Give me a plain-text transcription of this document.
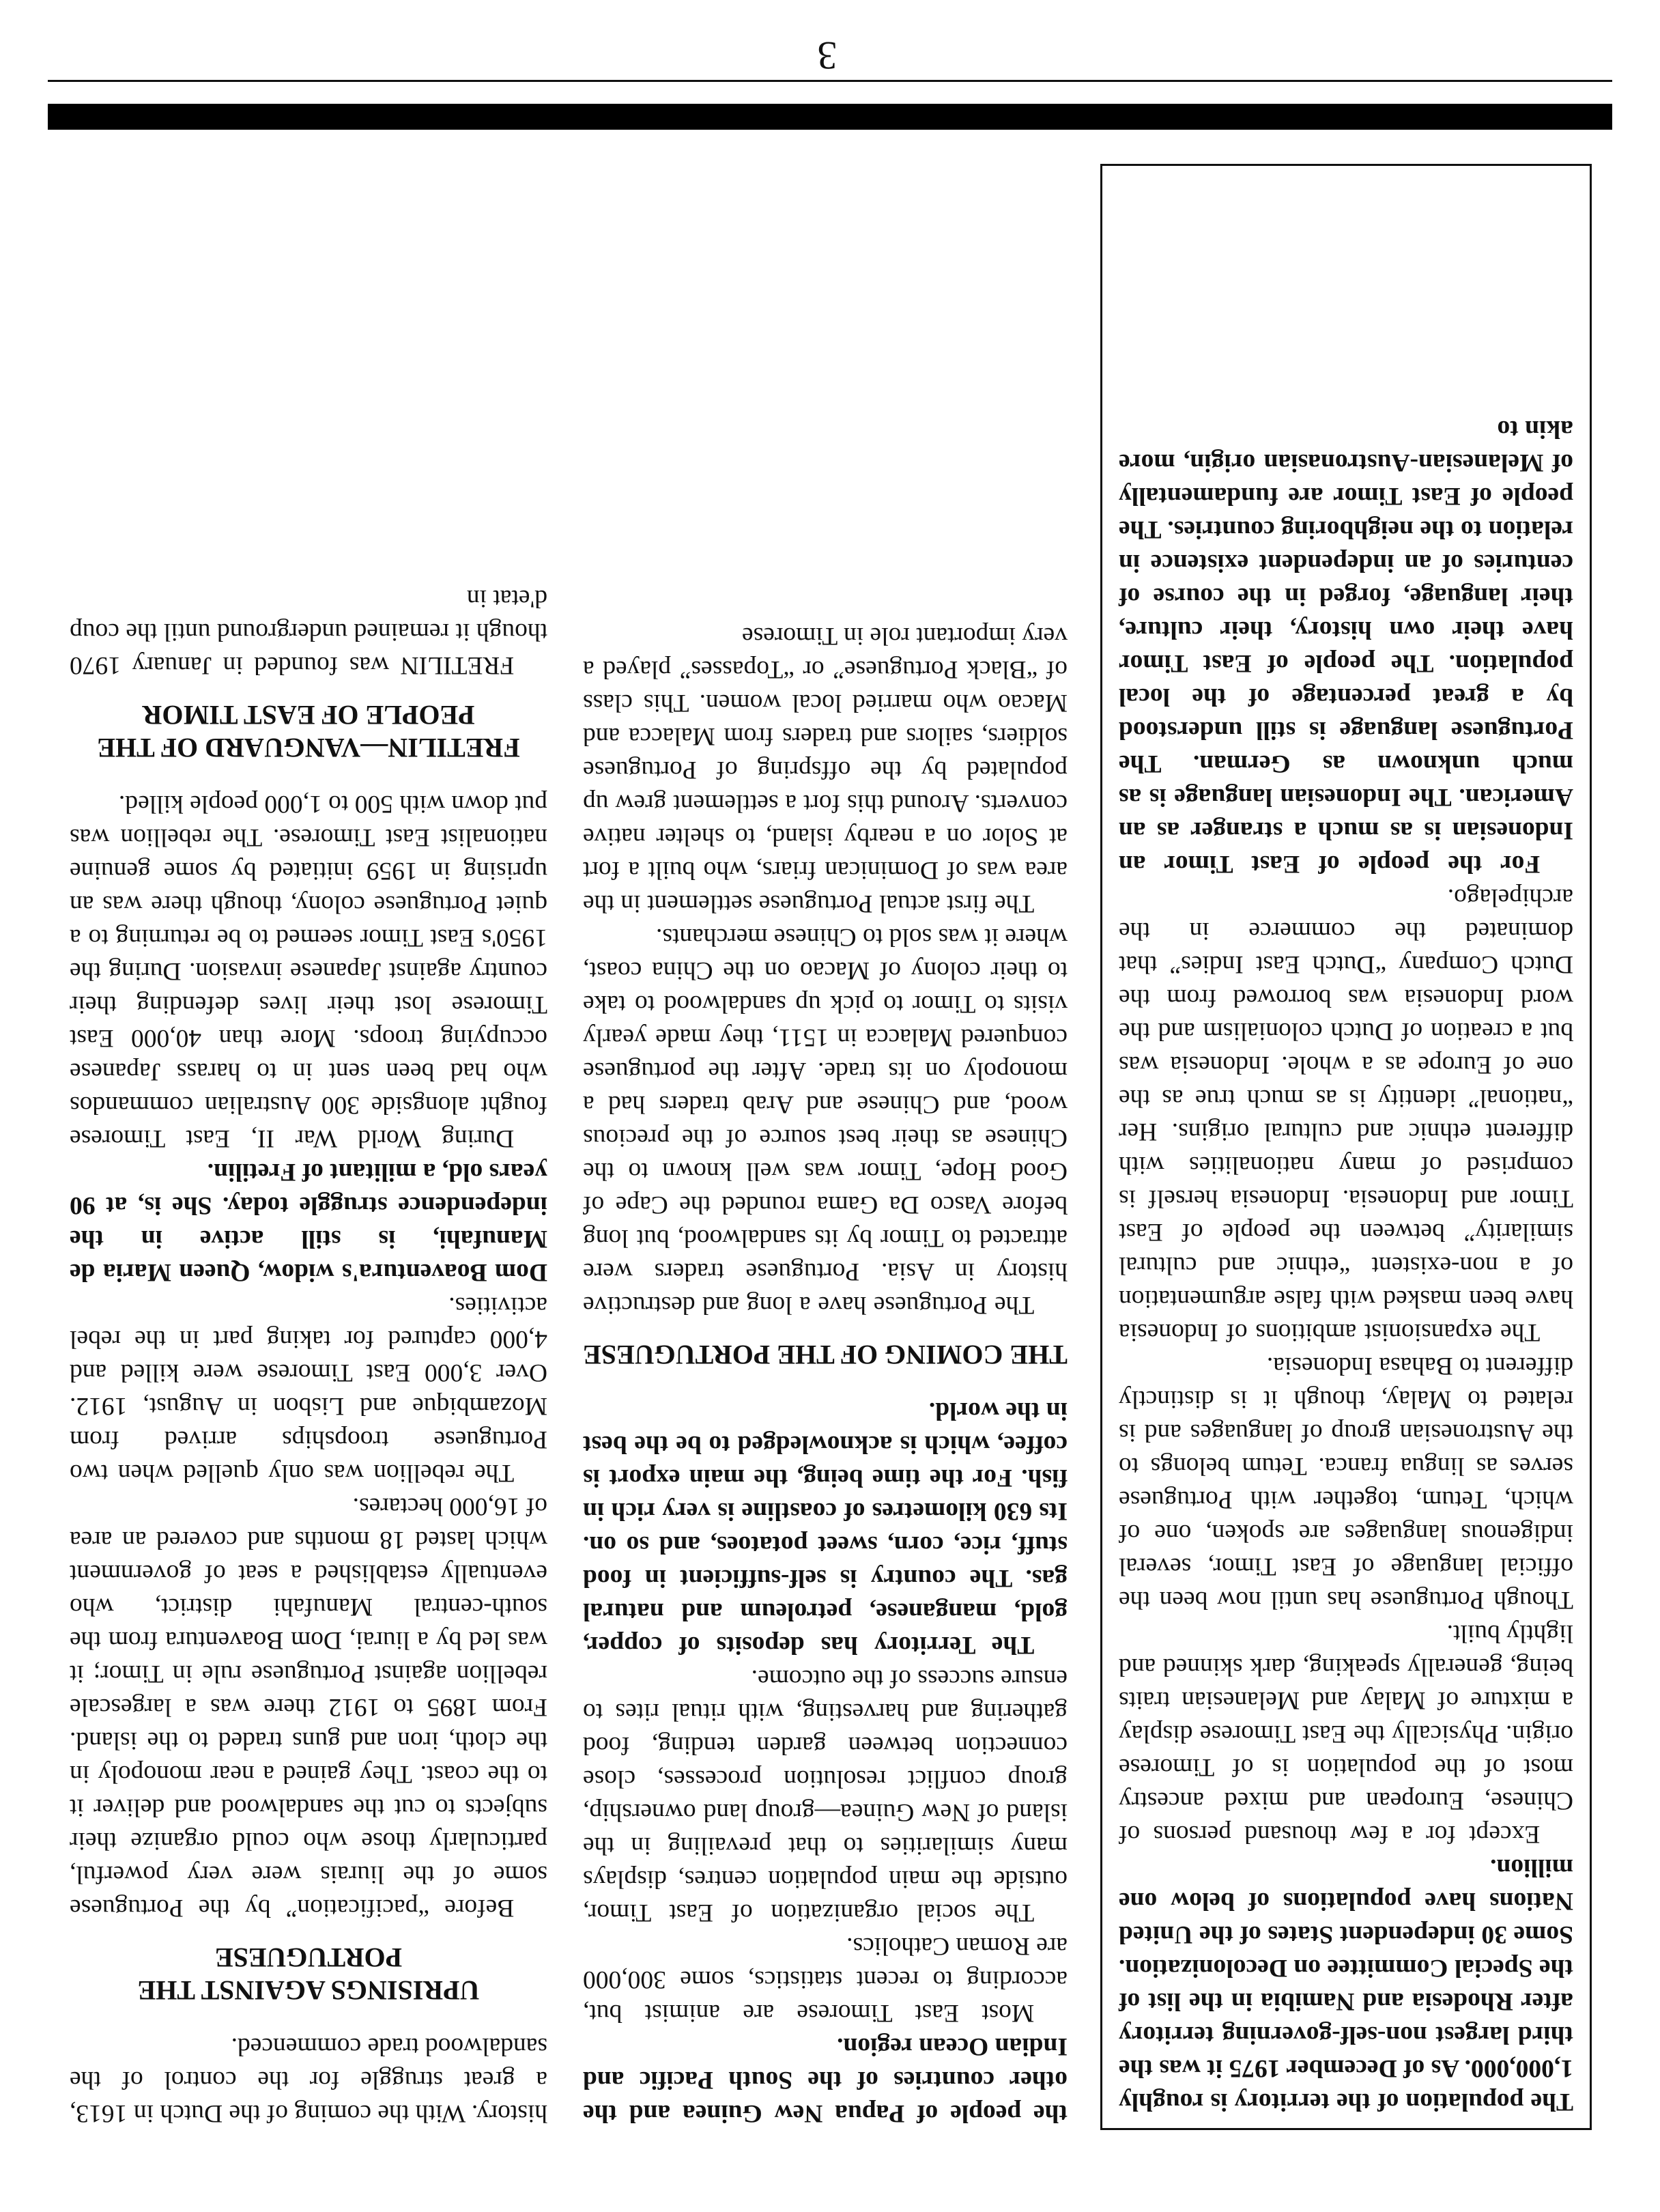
3

The population of the territory is roughly 1,000,000. As of December 1975 it was the third largest non-self-governing territory after Rhodesia and Namibia in the list of the Special Committee on Decolonization. Some 30 independent States of the United Nations have populations of below one million.

Except for a few thousand persons of Chinese, European and mixed ancestry most of the population is of Timorese origin. Physically the East Timorese display a mixture of Malay and Melanesian traits being, generally speaking, dark skinned and lightly built.

Though Portuguese has until now been the official language of East Timor, several indigenous languages are spoken, one of which, Tetum, together with Portuguese serves as lingua franca. Tetum belongs to the Austronesian group of languages and is related to Malay, though it is distinctly different to Bahasa Indonesia.

The expansionist ambitions of Indonesia have been masked with false argumentation of a non-existent “ethnic and cultural similarity” between the people of East Timor and Indonesia. Indonesia herself is comprised of many nationalities with different ethnic and cultural origins. Her “national” identity is as much true as the one of Europe as a whole. Indonesia was but a creation of Dutch colonialism and the word Indonesia was borrowed from the Dutch Company “Dutch East Indies” that dominated the commerce in the archipelago.

For the people of East Timor an Indonesian is as much a stranger as an American. The Indonesian language is as much unknown as German. The Portuguese language is still understood by a great percentage of the local population. The people of East Timor have their own history, their culture, their language, forged in the course of centuries of an independent existence in relation to the neighboring countries. The people of East Timor are fundamentally of Melanesian-Austronasian origin, more akin to

the people of Papua New Guinea and the other countries of the South Pacific and Indian Ocean region.

Most East Timorese are animist but, according to recent statistics, some 300,000 are Roman Catholics.

The social organization of East Timor, outside the main population centres, displays many similarities to that prevailing in the island of New Guinea—group land ownership, group conflict resolution processes, close connection between garden tending, food gathering and harvesting, with ritual rites to ensure success of the outcome.

The Territory has deposits of copper, gold, manganese, petroleum and natural gas. The country is self-sufficient in food stuff, rice, corn, sweet potatoes, and so on. Its 630 kilometres of coastline is very rich in fish. For the time being, the main export is coffee, which is acknowledged to be the best in the world.

THE COMING OF THE PORTUGUESE

The Portuguese have a long and destructive history in Asia. Portuguese traders were attracted to Timor by its sandalwood, but long before Vasco Da Gama rounded the Cape of Good Hope, Timor was well known to the Chinese as their best source of the precious wood, and Chinese and Arab traders had a monopoly on its trade. After the portuguese conquered Malacca in 1511, they made yearly visits to Timor to pick up sandalwood to take to their colony of Macao on the China coast, where it was sold to Chinese merchants.

The first actual Portuguese settlement in the area was of Dominican friars, who built a fort at Solor on a nearby island, to shelter native converts. Around this fort a settlement grew up populated by the offspring of Portuguese soldiers, sailors and traders from Malacca and Macao who married local women. This class of “Black Portuguese” or “Topasses” played a very important role in Timorese

history. With the coming of the Dutch in 1613, a great struggle for the control of the sandalwood trade commenced.

UPRISINGS AGAINST THE PORTUGUESE

Before “pacification” by the Portuguese some of the liurais were very powerful, particularly those who could organize their subjects to cut the sandalwood and deliver it to the coast. They gained a near monopoly in the cloth, iron and guns traded to the island. From 1895 to 1912 there was a largescale rebellion against Portuguese rule in Timor; it was led by a liurai, Dom Boaventura from the south-central Manufahi district, who eventually established a seat of government which lasted 18 months and covered an area of 16,000 hectares.

The rebellion was only quelled when two Portuguese troopships arrived from Mozambique and Lisbon in August, 1912. Over 3,000 East Timorese were killed and 4,000 captured for taking part in the rebel activities.

Dom Boaventura's widow, Queen Maria de Manufahi, is still active in the independence struggle today. She is, at 90 years old, a militant of Fretilin.

During World War II, East Timorese fought alongside 300 Australian commandos who had been sent in to harass Japanese occupying troops. More than 40,000 East Timorese lost their lives defending their country against Japanese invasion. During the 1950's East Timor seemed to be returning to a quiet Portuguese colony, though there was an uprising in 1959 initiated by some genuine nationalist East Timorese. The rebellion was put down with 500 to 1,000 people killed.

FRETILIN—VANGUARD OF THE PEOPLE OF EAST TIMOR

FRETILIN was founded in January 1970 though it remained underground until the coup d'etat in
